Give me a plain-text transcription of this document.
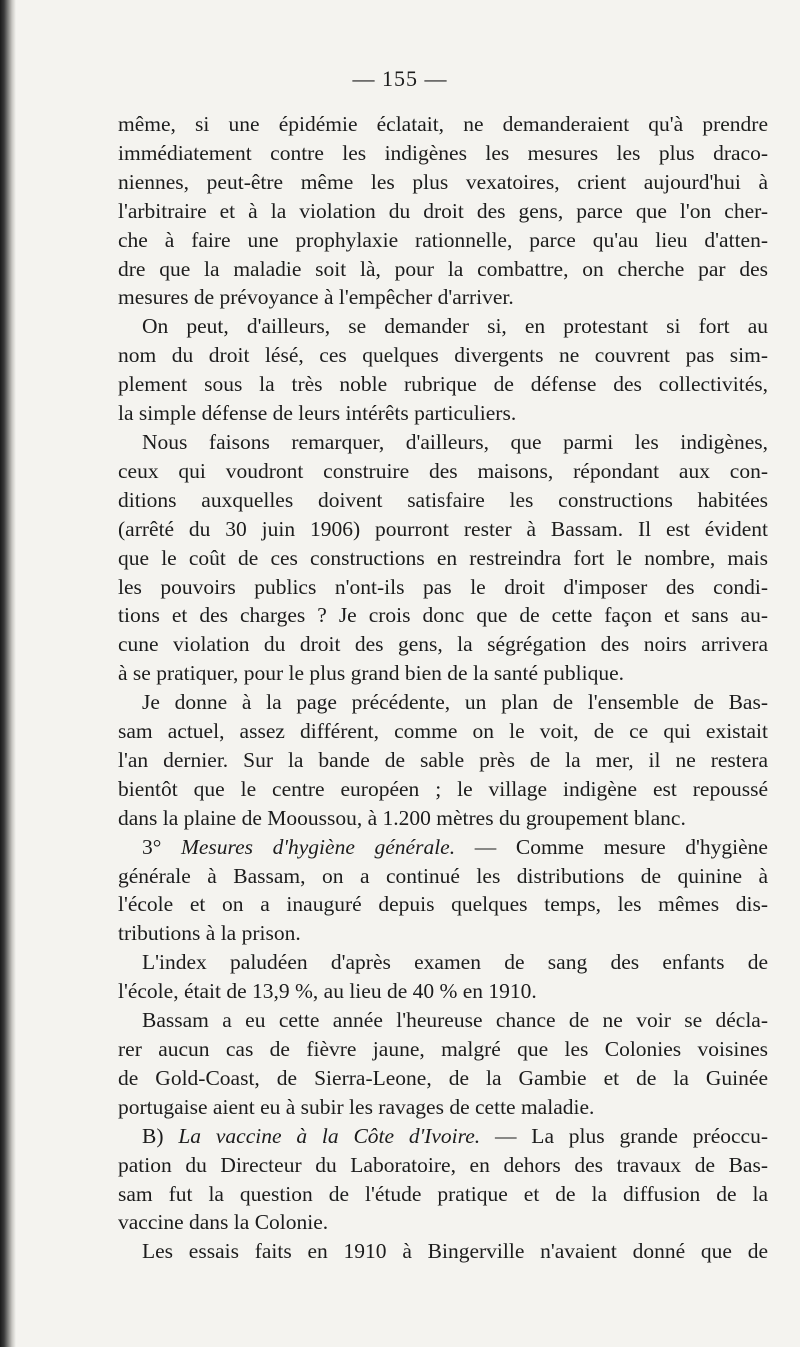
— 155 —
même, si une épidémie éclatait, ne demanderaient qu'à prendre
immédiatement contre les indigènes les mesures les plus draco-
niennes, peut-être même les plus vexatoires, crient aujourd'hui à
l'arbitraire et à la violation du droit des gens, parce que l'on cher-
che à faire une prophylaxie rationnelle, parce qu'au lieu d'atten-
dre que la maladie soit là, pour la combattre, on cherche par des
mesures de prévoyance à l'empêcher d'arriver.
On peut, d'ailleurs, se demander si, en protestant si fort au
nom du droit lésé, ces quelques divergents ne couvrent pas sim-
plement sous la très noble rubrique de défense des collectivités,
la simple défense de leurs intérêts particuliers.
Nous faisons remarquer, d'ailleurs, que parmi les indigènes,
ceux qui voudront construire des maisons, répondant aux con-
ditions auxquelles doivent satisfaire les constructions habitées
(arrêté du 30 juin 1906) pourront rester à Bassam. Il est évident
que le coût de ces constructions en restreindra fort le nombre, mais
les pouvoirs publics n'ont-ils pas le droit d'imposer des condi-
tions et des charges ? Je crois donc que de cette façon et sans au-
cune violation du droit des gens, la ségrégation des noirs arrivera
à se pratiquer, pour le plus grand bien de la santé publique.
Je donne à la page précédente, un plan de l'ensemble de Bas-
sam actuel, assez différent, comme on le voit, de ce qui existait
l'an dernier. Sur la bande de sable près de la mer, il ne restera
bientôt que le centre européen ; le village indigène est repoussé
dans la plaine de Mooussou, à 1.200 mètres du groupement blanc.
3° Mesures d'hygiène générale. — Comme mesure d'hygiène
générale à Bassam, on a continué les distributions de quinine à
l'école et on a inauguré depuis quelques temps, les mêmes dis-
tributions à la prison.
L'index paludéen d'après examen de sang des enfants de
l'école, était de 13,9 %, au lieu de 40 % en 1910.
Bassam a eu cette année l'heureuse chance de ne voir se décla-
rer aucun cas de fièvre jaune, malgré que les Colonies voisines
de Gold-Coast, de Sierra-Leone, de la Gambie et de la Guinée
portugaise aient eu à subir les ravages de cette maladie.
B) La vaccine à la Côte d'Ivoire. — La plus grande préoccu-
pation du Directeur du Laboratoire, en dehors des travaux de Bas-
sam fut la question de l'étude pratique et de la diffusion de la
vaccine dans la Colonie.
Les essais faits en 1910 à Bingerville n'avaient donné que de
